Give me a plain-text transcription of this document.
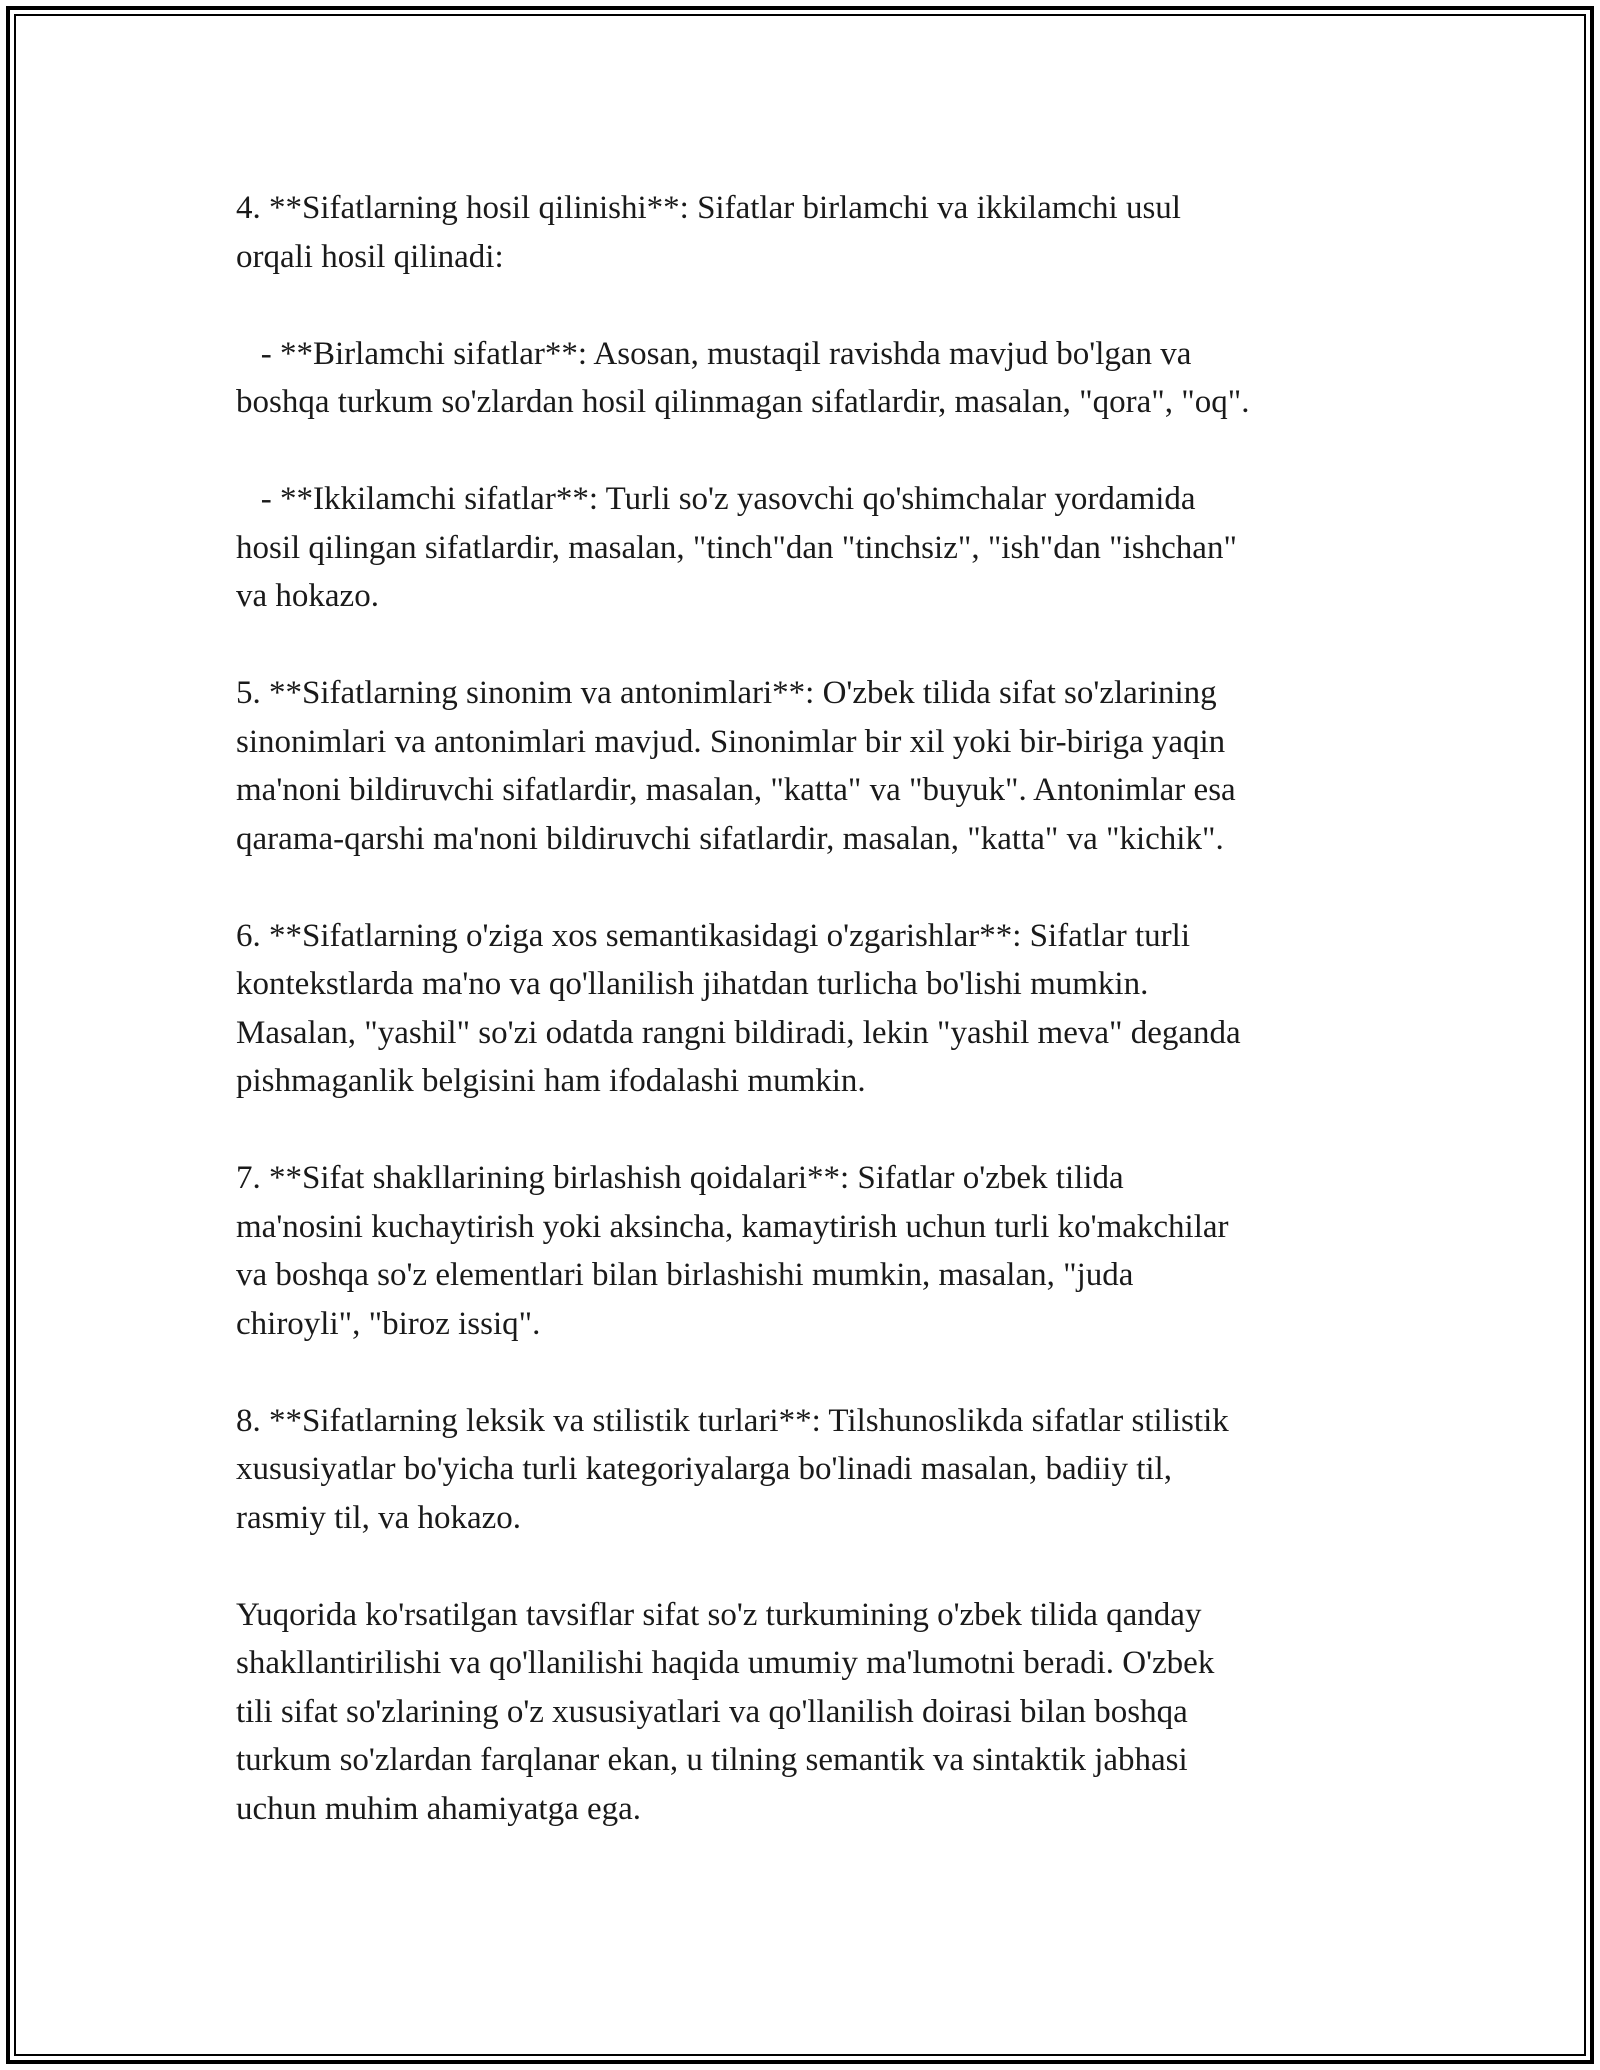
4. **Sifatlarning hosil qilinishi**: Sifatlar birlamchi va ikkilamchi usul
orqali hosil qilinadi:

- **Birlamchi sifatlar**: Asosan, mustaqil ravishda mavjud bo'lgan va
boshqa turkum so'zlardan hosil qilinmagan sifatlardir, masalan, "qora", "oq".

- **Ikkilamchi sifatlar**: Turli so'z yasovchi qo'shimchalar yordamida
hosil qilingan sifatlardir, masalan, "tinch"dan "tinchsiz", "ish"dan "ishchan"
va hokazo.

5. **Sifatlarning sinonim va antonimlari**: O'zbek tilida sifat so'zlarining
sinonimlari va antonimlari mavjud. Sinonimlar bir xil yoki bir-biriga yaqin
ma'noni bildiruvchi sifatlardir, masalan, "katta" va "buyuk". Antonimlar esa
qarama-qarshi ma'noni bildiruvchi sifatlardir, masalan, "katta" va "kichik".

6. **Sifatlarning o'ziga xos semantikasidagi o'zgarishlar**: Sifatlar turli
kontekstlarda ma'no va qo'llanilish jihatdan turlicha bo'lishi mumkin.
Masalan, "yashil" so'zi odatda rangni bildiradi, lekin "yashil meva" deganda
pishmaganlik belgisini ham ifodalashi mumkin.

7. **Sifat shakllarining birlashish qoidalari**: Sifatlar o'zbek tilida
ma'nosini kuchaytirish yoki aksincha, kamaytirish uchun turli ko'makchilar
va boshqa so'z elementlari bilan birlashishi mumkin, masalan, "juda
chiroyli", "biroz issiq".

8. **Sifatlarning leksik va stilistik turlari**: Tilshunoslikda sifatlar stilistik
xususiyatlar bo'yicha turli kategoriyalarga bo'linadi masalan, badiiy til,
rasmiy til, va hokazo.

Yuqorida ko'rsatilgan tavsiflar sifat so'z turkumining o'zbek tilida qanday
shakllantirilishi va qo'llanilishi haqida umumiy ma'lumotni beradi. O'zbek
tili sifat so'zlarining o'z xususiyatlari va qo'llanilish doirasi bilan boshqa
turkum so'zlardan farqlanar ekan, u tilning semantik va sintaktik jabhasi
uchun muhim ahamiyatga ega.
